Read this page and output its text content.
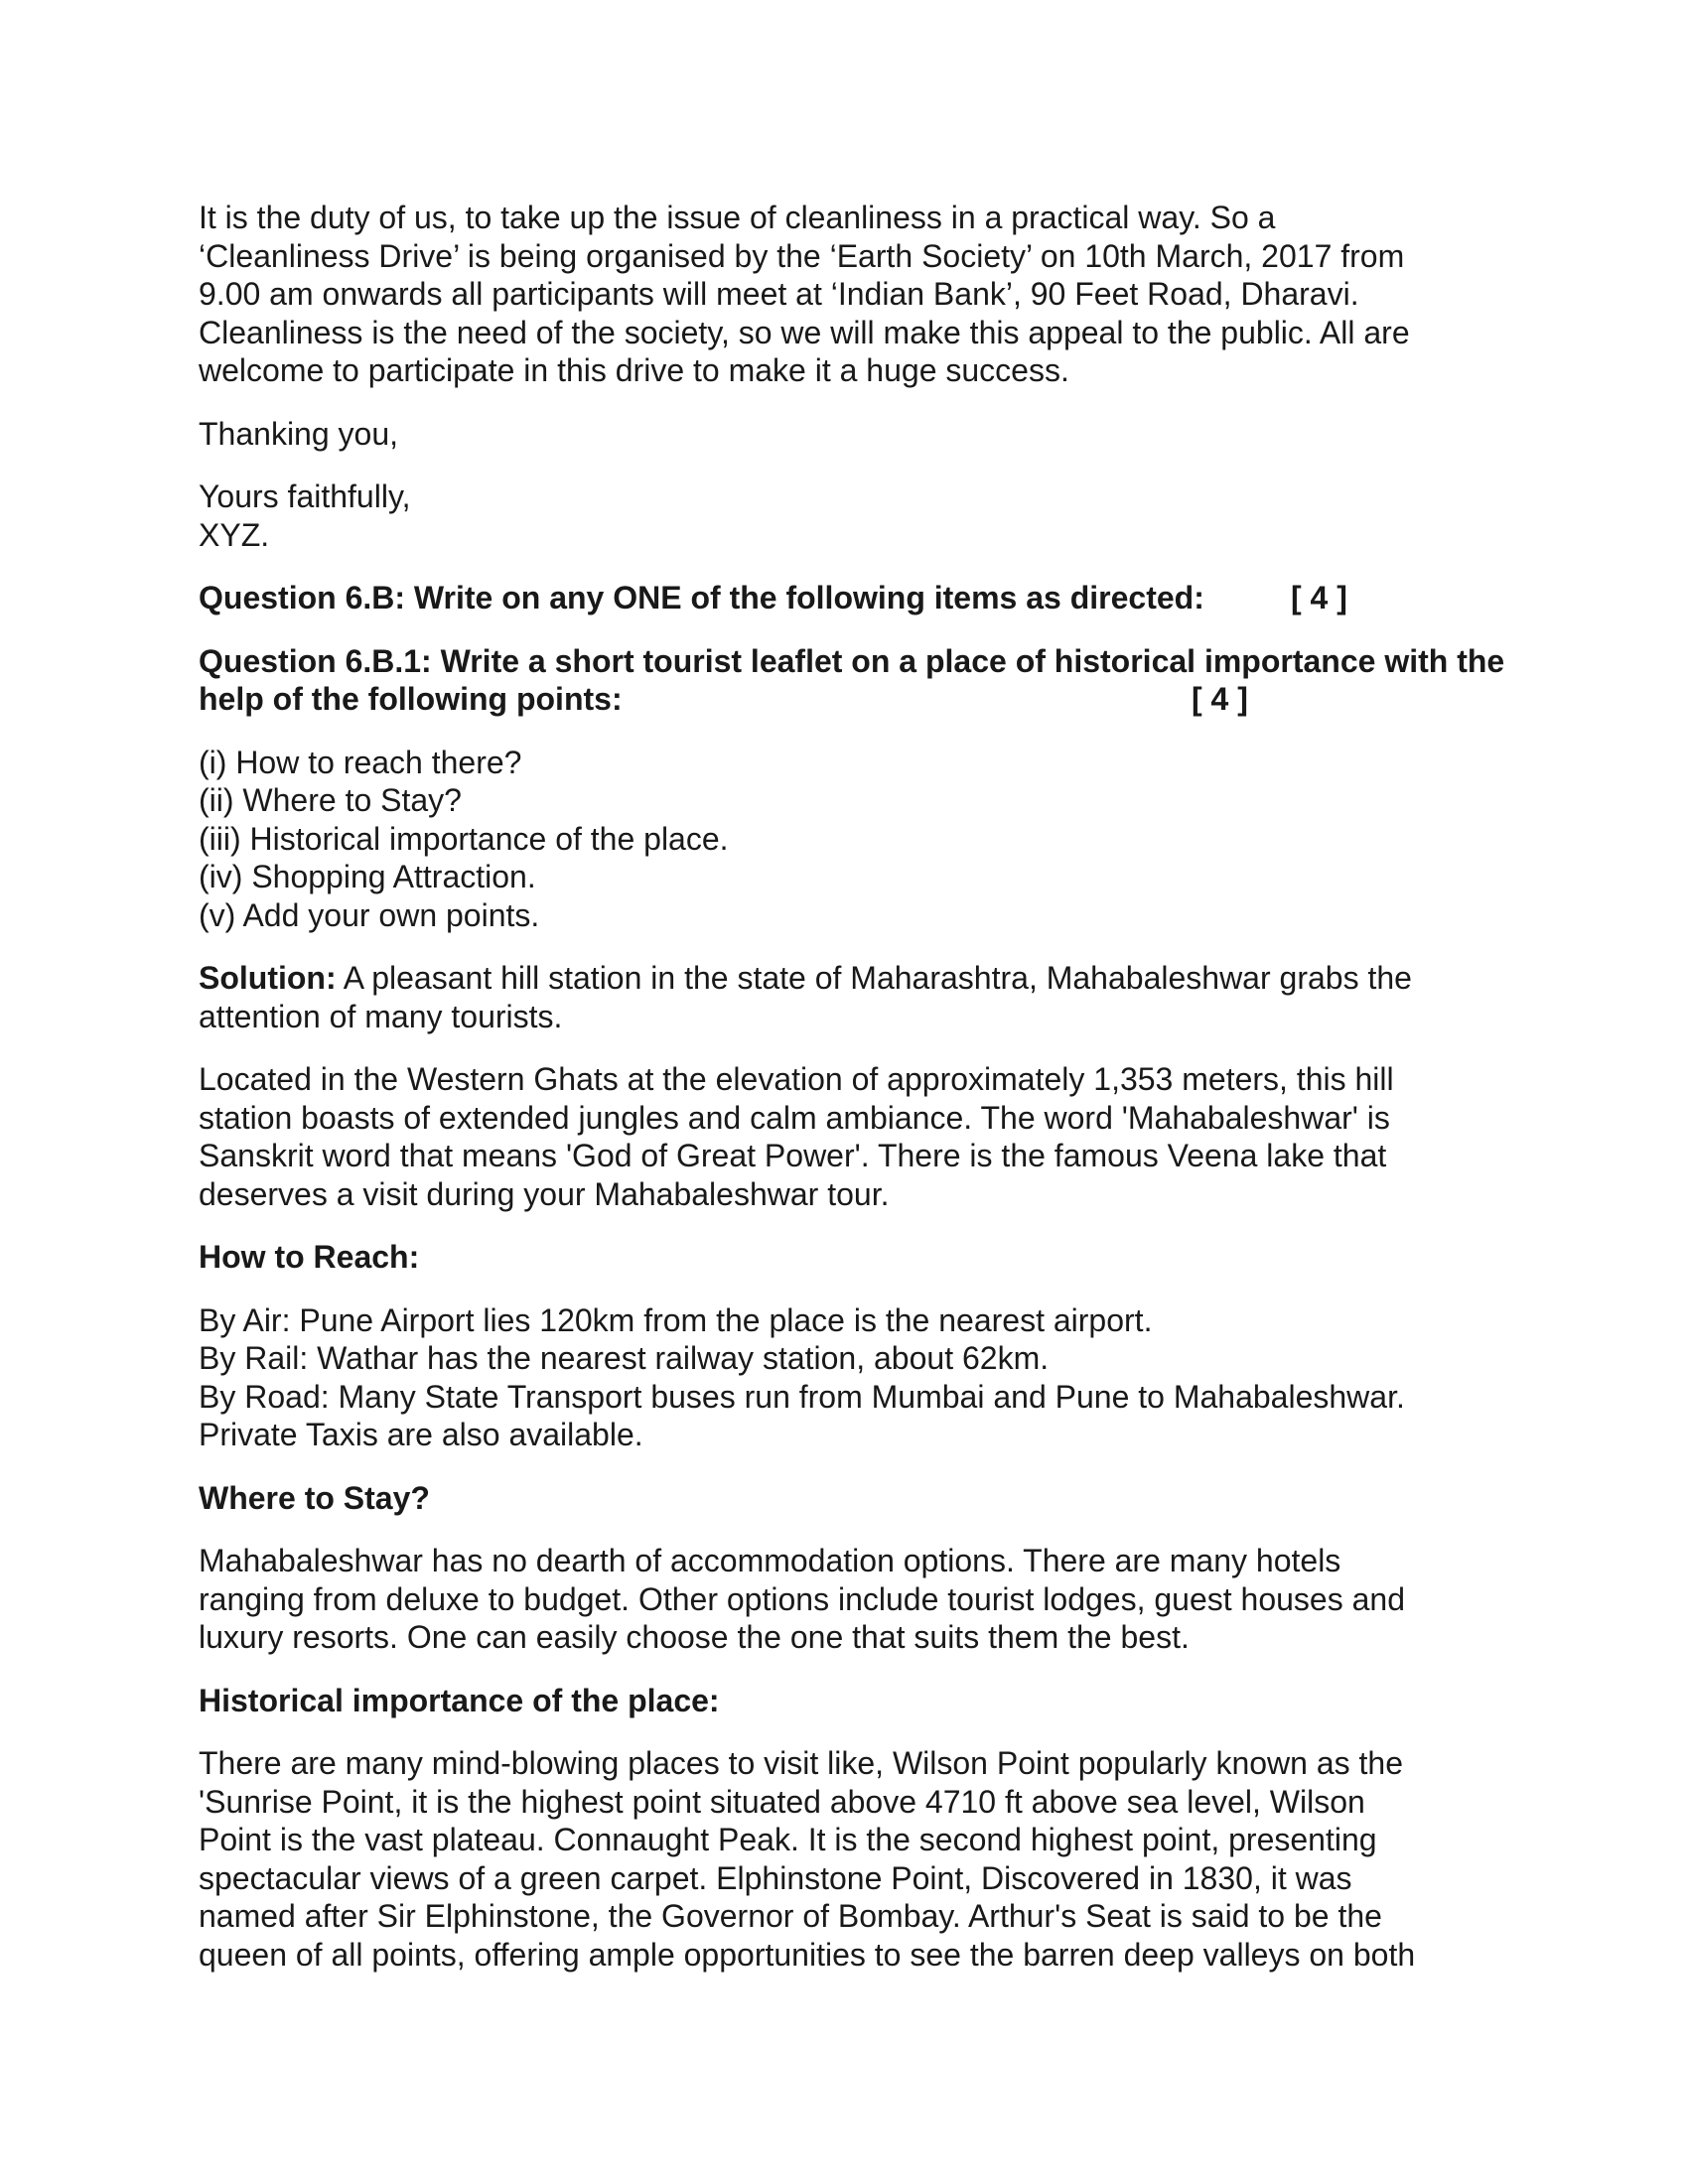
It is the duty of us, to take up the issue of cleanliness in a practical way. So a
‘Cleanliness Drive’ is being organised by the ‘Earth Society’ on 10th March, 2017 from
9.00 am onwards all participants will meet at ‘Indian Bank’, 90 Feet Road, Dharavi.
Cleanliness is the need of the society, so we will make this appeal to the public. All are
welcome to participate in this drive to make it a huge success.
Thanking you,
Yours faithfully,
XYZ.
Question 6.B: Write on any ONE of the following items as directed:	[ 4 ]
Question 6.B.1: Write a short tourist leaflet on a place of historical importance with the
help of the following points:	[ 4 ]
(i) How to reach there?
(ii) Where to Stay?
(iii) Historical importance of the place.
(iv) Shopping Attraction.
(v) Add your own points.
Solution: A pleasant hill station in the state of Maharashtra, Mahabaleshwar grabs the
attention of many tourists.
Located in the Western Ghats at the elevation of approximately 1,353 meters, this hill
station boasts of extended jungles and calm ambiance. The word 'Mahabaleshwar' is
Sanskrit word that means 'God of Great Power'. There is the famous Veena lake that
deserves a visit during your Mahabaleshwar tour.
How to Reach:
By Air: Pune Airport lies 120km from the place is the nearest airport.
By Rail: Wathar has the nearest railway station, about 62km.
By Road: Many State Transport buses run from Mumbai and Pune to Mahabaleshwar.
Private Taxis are also available.
Where to Stay?
Mahabaleshwar has no dearth of accommodation options. There are many hotels
ranging from deluxe to budget. Other options include tourist lodges, guest houses and
luxury resorts. One can easily choose the one that suits them the best.
Historical importance of the place:
There are many mind-blowing places to visit like, Wilson Point popularly known as the
'Sunrise Point, it is the highest point situated above 4710 ft above sea level, Wilson
Point is the vast plateau. Connaught Peak. It is the second highest point, presenting
spectacular views of a green carpet. Elphinstone Point, Discovered in 1830, it was
named after Sir Elphinstone, the Governor of Bombay. Arthur's Seat is said to be the
queen of all points, offering ample opportunities to see the barren deep valleys on both
